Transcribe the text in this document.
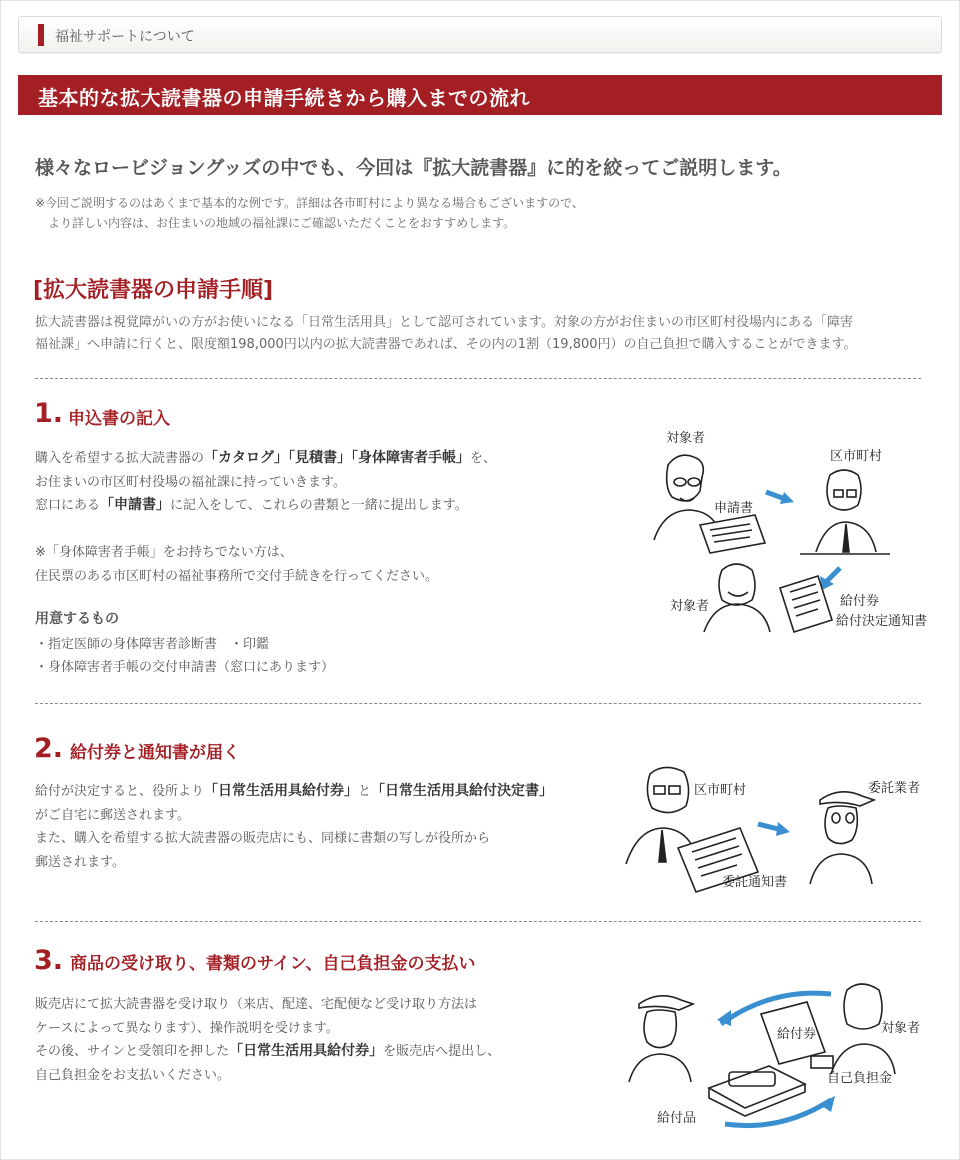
福祉サポートについて
基本的な拡大読書器の申請手続きから購入までの流れ
様々なロービジョングッズの中でも、今回は『拡大読書器』に的を絞ってご説明します。
※今回ご説明するのはあくまで基本的な例です。詳細は各市町村により異なる場合もございますので、
より詳しい内容は、お住まいの地域の福祉課にご確認いただくことをおすすめします。
[拡大読書器の申請手順]
拡大読書器は視覚障がいの方がお使いになる「日常生活用具」として認可されています。対象の方がお住まいの市区町村役場内にある「障害
福祉課」へ申請に行くと、限度額198,000円以内の拡大読書器であれば、その内の1割（19,800円）の自己負担で購入することができます。
1. 申込書の記入
購入を希望する拡大読書器の「カタログ」「見積書」「身体障害者手帳」を、
お住まいの市区町村役場の福祉課に持っていきます。
窓口にある「申請書」に記入をして、これらの書類と一緒に提出します。
※「身体障害者手帳」をお持ちでない方は、
住民票のある市区町村の福祉事務所で交付手続きを行ってください。
用意するもの
・指定医師の身体障害者診断書　・印鑑
・身体障害者手帳の交付申請書（窓口にあります）
対象者
申請書
区市町村
対象者	給付券
給付決定通知書
2. 給付券と通知書が届く
給付が決定すると、役所より「日常生活用具給付券」と「日常生活用具給付決定書」
がご自宅に郵送されます。
また、購入を希望する拡大読書器の販売店にも、同様に書類の写しが役所から
郵送されます。
区市町村
委託通知書
委託業者
3. 商品の受け取り、書類のサイン、自己負担金の支払い
販売店にて拡大読書器を受け取り（来店、配達、宅配便など受け取り方法は
ケースによって異なります）、操作説明を受けます。
その後、サインと受領印を押した「日常生活用具給付券」を販売店へ提出し、
自己負担金をお支払いください。
給付券	対象者
自己負担金
給付品
